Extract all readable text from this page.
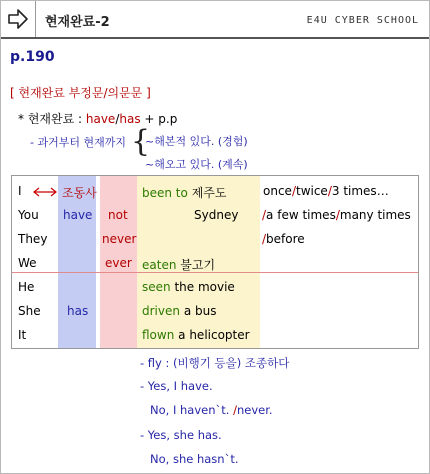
현재완료-2	E4U CYBER SCHOOL
p.190
[ 현재완료 부정문/의문문 ]
* 현재완료 : have/has + p.p
- 과거부터 현재까지 {
~해본적 있다. (경험)
~해오고 있다. (계속)
I
You
They
We
He
She
It
조동사
have
has
not
never
ever
been to 제주도
Sydney
eaten 불고기
seen the movie
driven a bus
flown a helicopter
once/twice/3 times…
/a few times/many times
/before
- fly : (비행기 등을) 조종하다
- Yes, I have.
No, I haven`t. /never.
- Yes, she has.
No, she hasn`t.
